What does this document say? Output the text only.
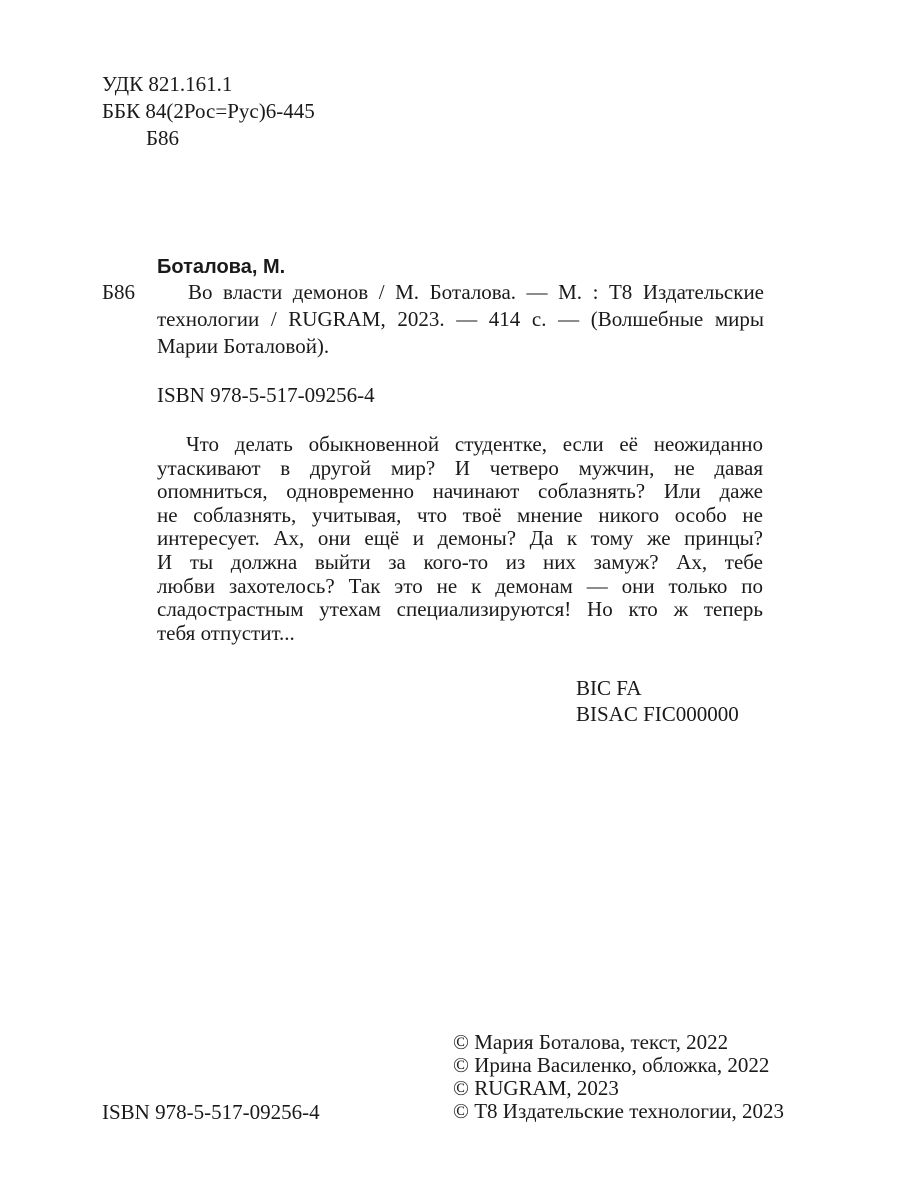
УДК 821.161.1
ББК 84(2Рос=Рус)6-445
Б86
Боталова, М.
Б86	Во власти демонов / М. Боталова. — М. : Т8 Издательские
технологии / RUGRAM, 2023. — 414 с. — (Волшебные миры
Марии Боталовой).
ISBN 978-5-517-09256-4
Что делать обыкновенной студентке, если её неожиданно
утаскивают в другой мир? И четверо мужчин, не давая
опомниться, одновременно начинают соблазнять? Или даже
не соблазнять, учитывая, что твоё мнение никого особо не
интересует. Ах, они ещё и демоны? Да к тому же принцы?
И ты должна выйти за кого-то из них замуж? Ах, тебе
любви захотелось? Так это не к демонам — они только по
сладострастным утехам специализируются! Но кто ж теперь
тебя отпустит...
BIC FA
BISAC FIC000000
ISBN 978-5-517-09256-4
© Мария Боталова, текст, 2022
© Ирина Василенко, обложка, 2022
© RUGRAM, 2023
© Т8 Издательские технологии, 2023
